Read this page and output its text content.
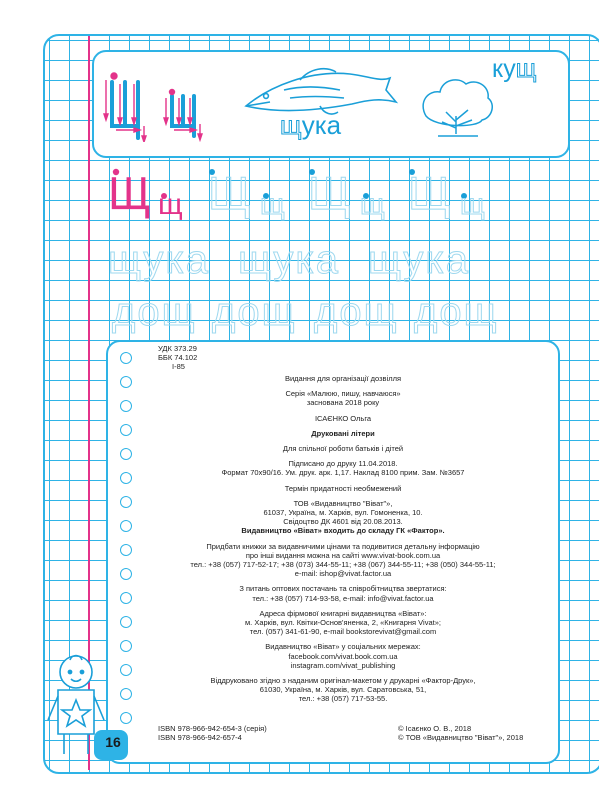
щука
кущ
Щ щ Щ щ Щ щ Щ щ
щука щука щука
дощ дощ дощ дощ
УДК 373.29
ББК 74.102
І-85

Видання для організації дозвілля

Серія «Малюю, пишу, навчаюся»
заснована 2018 року

ІСАЄНКО Ольга

Друковані літери

Для спільної роботи батьків і дітей

Підписано до друку 11.04.2018.
Формат 70х90/16. Ум. друк. арк. 1,17. Наклад 8100 прим. Зам. №3657

Термін придатності необмежений

ТОВ «Видавництво "Віват"»,
61037, Україна, м. Харків, вул. Гомоненка, 10.
Свідоцтво ДК 4601 від 20.08.2013.
Видавництво «Віват» входить до складу ГК «Фактор».

Придбати книжки за видавничими цінами та подивитися детальну інформацію
про інші видання можна на сайті www.vivat-book.com.ua
тел.: +38 (057) 717-52-17; +38 (073) 344-55-11; +38 (067) 344-55-11; +38 (050) 344-55-11;
e-mail: ishop@vivat.factor.ua

З питань оптових постачань та співробітництва звертатися:
тел.: +38 (057) 714-93-58, e-mail: info@vivat.factor.ua

Адреса фірмової книгарні видавництва «Віват»:
м. Харків, вул. Квітки-Основ'яненка, 2, «Книгарня Vivat»;
тел. (057) 341-61-90, e-mail bookstorevivat@gmail.com

Видавництво «Віват» у соціальних мережах:
facebook.com/vivat.book.com.ua
instagram.com/vivat_publishing

Віддруковано згідно з наданим оригінал-макетом у друкарні «Фактор-Друк»,
61030, Україна, м. Харків, вул. Саратовська, 51,
тел.: +38 (057) 717-53-55.

ISBN 978-966-942-654-3 (серія)
ISBN 978-966-942-657-4
© Ісаєнко О. В., 2018
© ТОВ «Видавництво "Віват"», 2018
16
